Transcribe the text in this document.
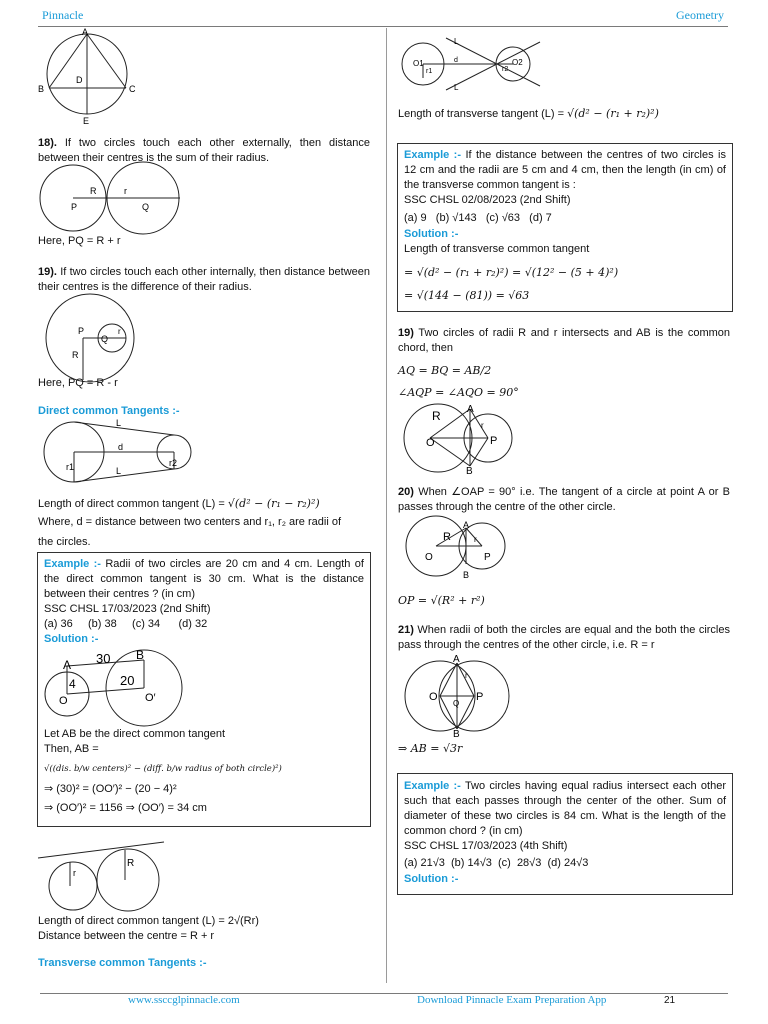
Pinnacle	Geometry
A
B	C
D
E
18). If two circles touch each other externally, then distance between their centres is the sum of their radius.
R	r
P	Q
Here, PQ = R + r
19). If two circles touch each other internally, then distance between their centres is the difference of their radius.
P
Q
r
R
Here, PQ = R - r
Direct common Tangents :-
L
d
r1	r2
L
Length of direct common tangent (L) = √(d² − (r₁ − r₂)²)
Where, d = distance between two centers and r₁, r₂ are radii of
the circles.
Example :- Radii of two circles are 20 cm and 4 cm. Length of the direct common tangent is 30 cm. What is the distance between their centres ? (in cm)
SSC CHSL 17/03/2023 (2nd Shift)
(a) 36     (b) 38     (c) 34      (d) 32
Solution :-
A
B
30
4	20
O	O′
Let AB be the direct common tangent
Then, AB =
√((dis. b/w centers)² − (diff. b/w radius of both circle)²)
⇒ (30)² = (OO′)² − (20 − 4)²
⇒ (OO′)² = 1156 ⇒ (OO′) = 34 cm
r
R
Length of direct common tangent (L) = 2√(Rr)
Distance between the centre = R + r
Transverse common Tangents :-
O1	O2
r1	r2
L
L
d
Length of transverse tangent (L) = √(d² − (r₁ + r₂)²)
Example :- If the distance between the centres of two circles is 12 cm and the radii are 5 cm and 4 cm, then the length (in cm) of the transverse common tangent is :
SSC CHSL 02/08/2023 (2nd Shift)
(a) 9   (b) √143   (c) √63   (d) 7
Solution :-
Length of transverse common tangent
= √(d² − (r₁ + r₂)²) = √(12² − (5 + 4)²)
= √(144 − (81)) = √63
19) Two circles of radii R and r intersects and AB is the common chord, then
AQ = BQ = AB/2
∠AQP = ∠AQO = 90°
R	A
O
r
P
B
20) When ∠OAP = 90° i.e. The tangent of a circle at point A or B passes through the centre of the other circle.
R
A
O
r
P
B
OP = √(R² + r²)
21) When radii of both the circles are equal and the both the circles pass through the centres of the other circle, i.e. R = r
A
O	P
B
r
Q
⇒ AB = √3r
Example :- Two circles having equal radius intersect each other such that each passes through the center of the other. Sum of diameter of these two circles is 84 cm. What is the length of the common chord ? (in cm)
SSC CHSL 17/03/2023 (4th Shift)
(a) 21√3  (b) 14√3  (c)  28√3  (d) 24√3
Solution :-
www.ssccglpinnacle.com	Download Pinnacle Exam Preparation App	21
